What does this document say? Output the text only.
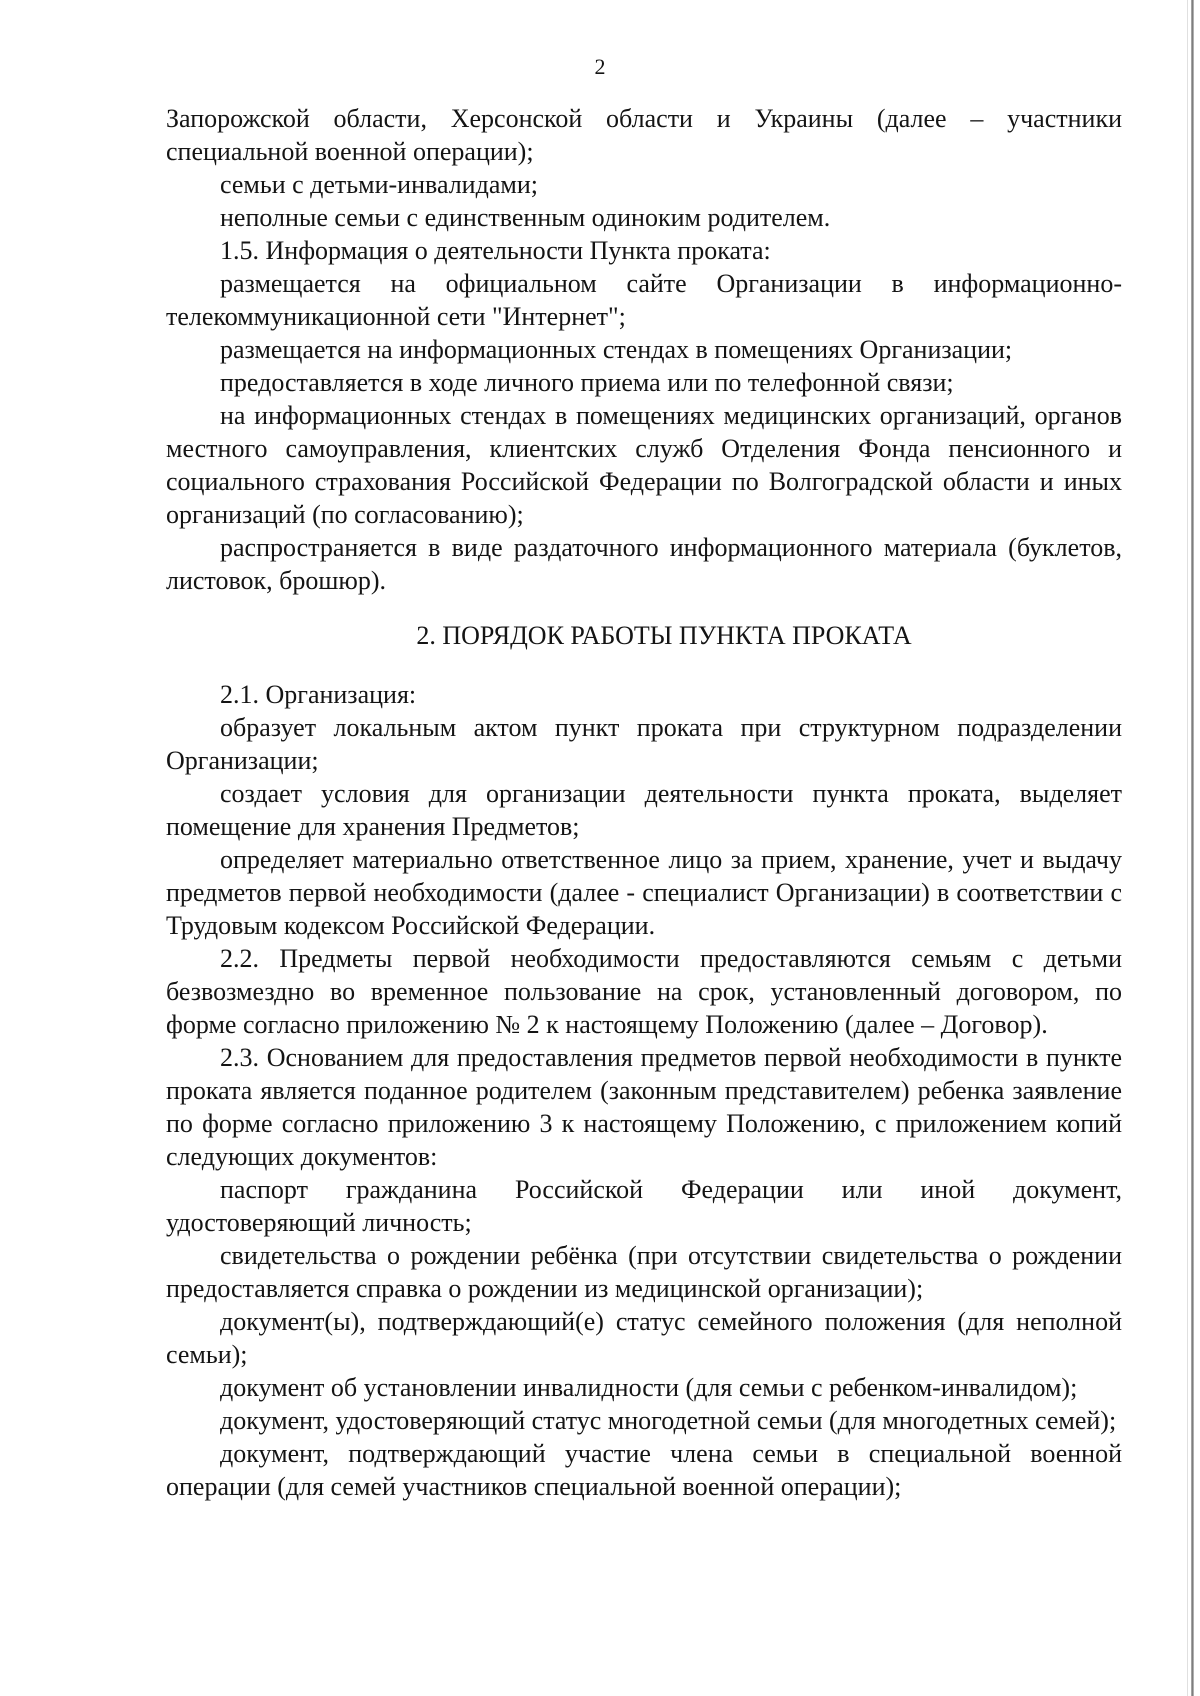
2

Запорожской области, Херсонской области и Украины (далее – участники специальной военной операции);

семьи с детьми-инвалидами;

неполные семьи с единственным одиноким родителем.

1.5. Информация о деятельности Пункта проката:

размещается на официальном сайте Организации в информационно-телекоммуникационной сети "Интернет";

размещается на информационных стендах в помещениях Организации;

предоставляется в ходе личного приема или по телефонной связи;

на информационных стендах в помещениях медицинских организаций, органов местного самоуправления, клиентских служб Отделения Фонда пенсионного и социального страхования Российской Федерации по Волгоградской области и иных организаций (по согласованию);

распространяется в виде раздаточного информационного материала (буклетов, листовок, брошюр).

2. ПОРЯДОК РАБОТЫ ПУНКТА ПРОКАТА

2.1. Организация:

образует локальным актом пункт проката при структурном подразделении Организации;

создает условия для организации деятельности пункта проката, выделяет помещение для хранения Предметов;

определяет материально ответственное лицо за прием, хранение, учет и выдачу предметов первой необходимости (далее - специалист Организации) в соответствии с Трудовым кодексом Российской Федерации.

2.2. Предметы первой необходимости предоставляются семьям с детьми безвозмездно во временное пользование на срок, установленный договором, по форме согласно приложению № 2 к настоящему Положению (далее – Договор).

2.3. Основанием для предоставления предметов первой необходимости в пункте проката является поданное родителем (законным представителем) ребенка заявление по форме согласно приложению 3 к настоящему Положению, с приложением копий следующих документов:

паспорт гражданина Российской Федерации или иной документ, удостоверяющий личность;

свидетельства о рождении ребёнка (при отсутствии свидетельства о рождении предоставляется справка о рождении из медицинской организации);

документ(ы), подтверждающий(е) статус семейного положения (для неполной семьи);

документ об установлении инвалидности (для семьи с ребенком-инвалидом);

документ, удостоверяющий статус многодетной семьи (для многодетных семей);

документ, подтверждающий участие члена семьи в специальной военной операции (для семей участников специальной военной операции);
